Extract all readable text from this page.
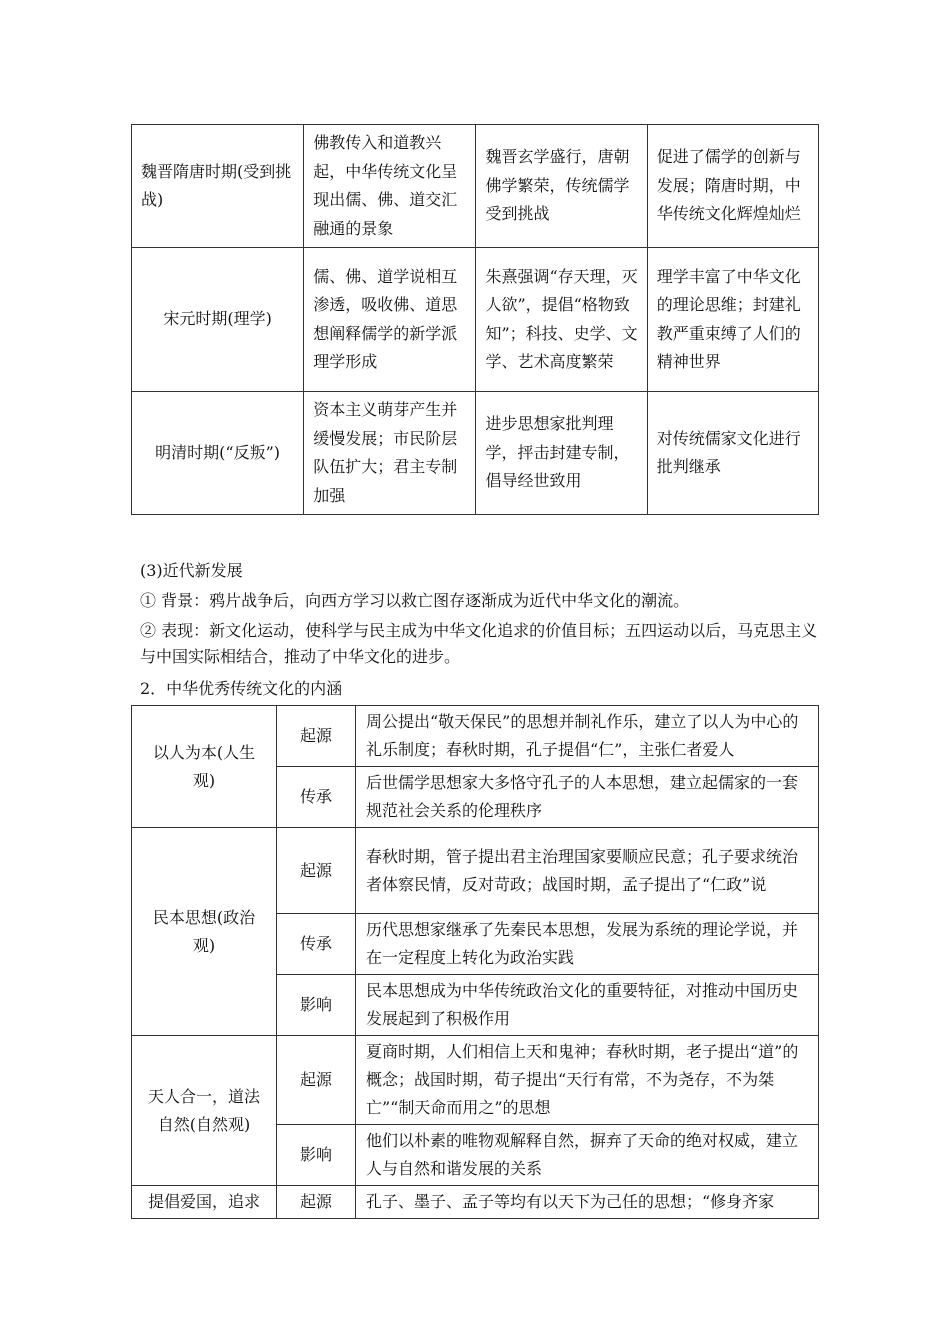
魏晋隋唐时期(受到挑战)	佛教传入和道教兴起，中华传统文化呈现出儒、佛、道交汇融通的景象	魏晋玄学盛行，唐朝佛学繁荣，传统儒学受到挑战	促进了儒学的创新与发展；隋唐时期，中华传统文化辉煌灿烂
宋元时期(理学)	儒、佛、道学说相互渗透，吸收佛、道思想阐释儒学的新学派理学形成	朱熹强调“存天理，灭人欲”，提倡“格物致知”；科技、史学、文学、艺术高度繁荣	理学丰富了中华文化的理论思维；封建礼教严重束缚了人们的精神世界
明清时期(“反叛”)	资本主义萌芽产生并缓慢发展；市民阶层队伍扩大；君主专制加强	进步思想家批判理学，抨击封建专制，倡导经世致用	对传统儒家文化进行批判继承
(3)近代新发展
① 背景：鸦片战争后，向西方学习以救亡图存逐渐成为近代中华文化的潮流。
② 表现：新文化运动，使科学与民主成为中华文化追求的价值目标；五四运动以后，马克思主义与中国实际相结合，推动了中华文化的进步。
2．中华优秀传统文化的内涵
以人为本(人生观)	起源	周公提出“敬天保民”的思想并制礼作乐，建立了以人为中心的礼乐制度；春秋时期，孔子提倡“仁”，主张仁者爱人
	传承	后世儒学思想家大多恪守孔子的人本思想，建立起儒家的一套规范社会关系的伦理秩序
民本思想(政治观)	起源	春秋时期，管子提出君主治理国家要顺应民意；孔子要求统治者体察民情，反对苛政；战国时期，孟子提出了“仁政”说
	传承	历代思想家继承了先秦民本思想，发展为系统的理论学说，并在一定程度上转化为政治实践
	影响	民本思想成为中华传统政治文化的重要特征，对推动中国历史发展起到了积极作用
天人合一，道法自然(自然观)	起源	夏商时期，人们相信上天和鬼神；春秋时期，老子提出“道”的概念；战国时期，荀子提出“天行有常，不为尧存，不为桀亡”“制天命而用之”的思想
	影响	他们以朴素的唯物观解释自然，摒弃了天命的绝对权威，建立人与自然和谐发展的关系
提倡爱国，追求	起源	孔子、墨子、孟子等均有以天下为己任的思想；“修身齐家
